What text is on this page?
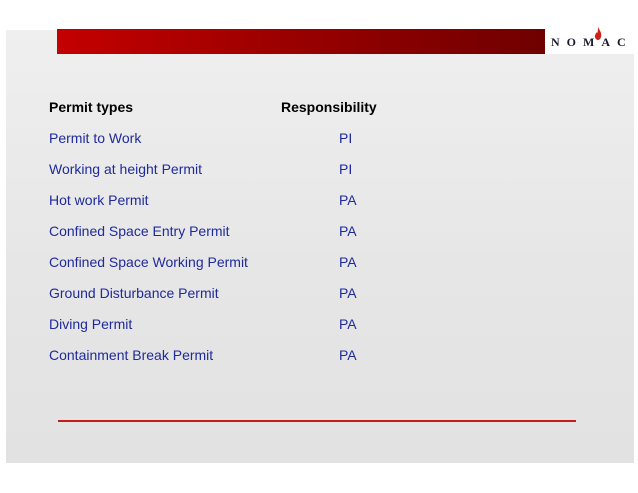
Forms & Records
NOMAC
Permit types	Responsibility
Permit to Work	PI
Working at height Permit	PI
Hot work Permit	PA
Confined Space Entry Permit	PA
Confined Space Working Permit	PA
Ground Disturbance Permit	PA
Diving Permit	PA
Containment Break Permit	PA
